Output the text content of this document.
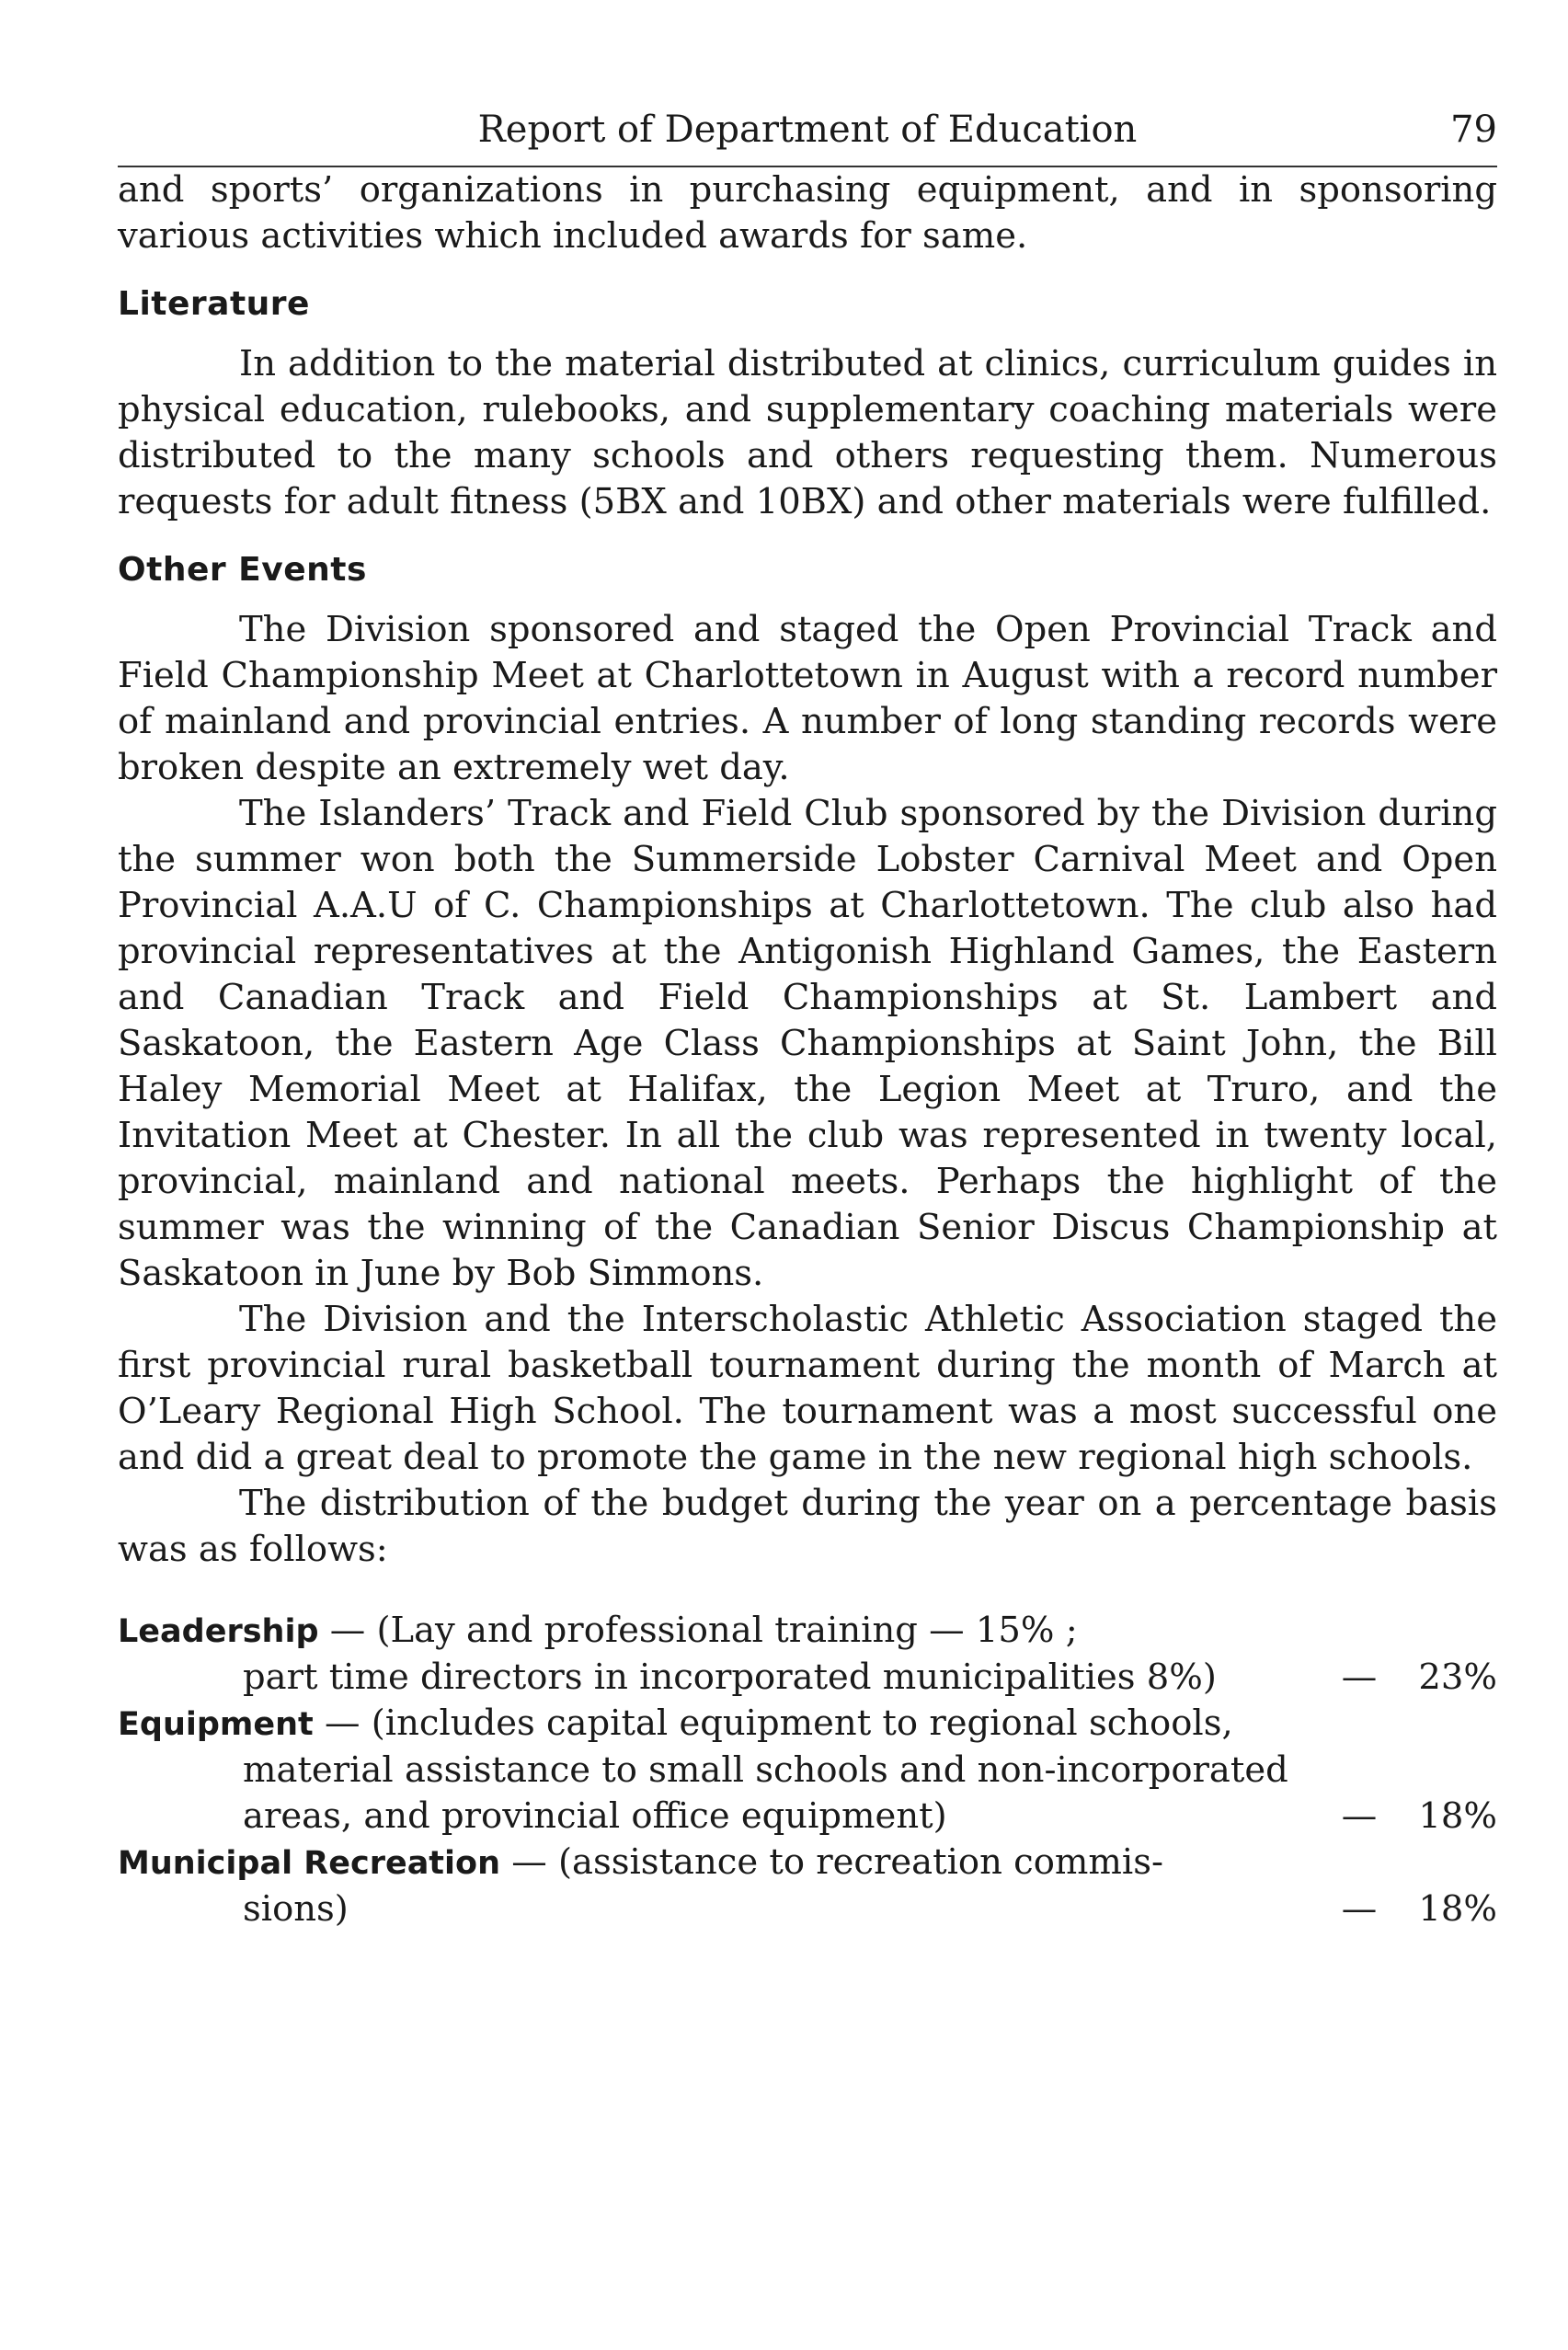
Report of Department of Education	79

and sports’ organizations in purchasing equipment, and in sponsoring various activities which included awards for same.

Literature

In addition to the material distributed at clinics, curriculum guides in physical education, rulebooks, and supplementary coaching materials were distributed to the many schools and others requesting them. Numerous requests for adult fitness (5BX and 10BX) and other materials were fulfilled.

Other Events

The Division sponsored and staged the Open Provincial Track and Field Championship Meet at Charlottetown in August with a record number of mainland and provincial entries. A number of long standing records were broken despite an extremely wet day.

The Islanders’ Track and Field Club sponsored by the Division during the summer won both the Summerside Lobster Carnival Meet and Open Provincial A.A.U of C. Championships at Charlottetown. The club also had provincial representatives at the Antigonish Highland Games, the Eastern and Canadian Track and Field Championships at St. Lambert and Saskatoon, the Eastern Age Class Championships at Saint John, the Bill Haley Memorial Meet at Halifax, the Legion Meet at Truro, and the Invitation Meet at Chester. In all the club was represented in twenty local, provincial, mainland and national meets. Perhaps the highlight of the summer was the winning of the Canadian Senior Discus Championship at Saskatoon in June by Bob Simmons.

The Division and the Interscholastic Athletic Association staged the first provincial rural basketball tournament during the month of March at O’Leary Regional High School. The tournament was a most successful one and did a great deal to promote the game in the new regional high schools.

The distribution of the budget during the year on a percentage basis was as follows:

Leadership — (Lay and professional training — 15% ;
part time directors in incorporated municipalities 8%)	—	23%
Equipment — (includes capital equipment to regional schools,
material assistance to small schools and non-incorporated areas, and provincial office equipment)	—	18%
Municipal Recreation — (assistance to recreation commis-
sions)	—	18%
